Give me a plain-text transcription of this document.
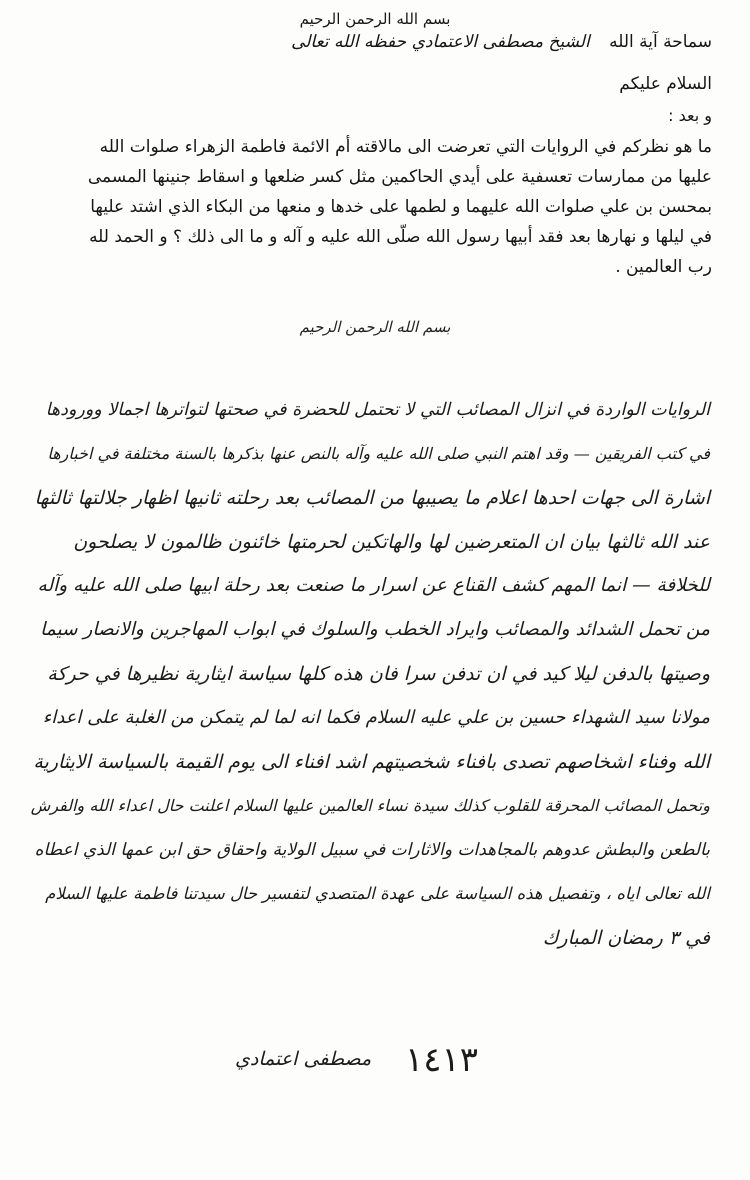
بسم الله الرحمن الرحيم
سماحة آية الله الشيخ مصطفى الاعتمادي حفظه الله تعالى
السلام عليكم
و بعد :
ما هو نظركم في الروايات التي تعرضت الى مالاقته أم الائمة فاطمة الزهراء صلوات الله
عليها من ممارسات تعسفية على أيدي الحاكمين مثل كسر ضلعها و اسقاط جنينها المسمى
بمحسن بن علي صلوات الله عليهما و لطمها على خدها و منعها من البكاء الذي اشتد عليها
في ليلها و نهارها بعد فقد أبيها رسول الله صلّى الله عليه و آله و ما الى ذلك ؟ و الحمد لله
رب العالمين .
بسم الله الرحمن الرحيم
الروايات الواردة في انزال المصائب التي لا تحتمل للحضرة في صحتها لتواترها اجمالا وورودها
في كتب الفريقين — وقد اهتم النبي صلى الله عليه وآله بالنص عنها بذكرها بالسنة مختلفة في اخبارها
اشارة الى جهات احدها اعلام ما يصيبها من المصائب بعد رحلته ثانيها اظهار جلالتها ثالثها
عند الله ثالثها بيان ان المتعرضين لها والهاتكين لحرمتها خائنون ظالمون لا يصلحون
للخلافة — انما المهم كشف القناع عن اسرار ما صنعت بعد رحلة ابيها صلى الله عليه وآله
من تحمل الشدائد والمصائب وايراد الخطب والسلوك في ابواب المهاجرين والانصار سيما
وصيتها بالدفن ليلا كيد في ان تدفن سرا فان هذه كلها سياسة ايثارية نظيرها في حركة
مولانا سيد الشهداء حسين بن علي عليه السلام فكما انه لما لم يتمكن من الغلبة على اعداء
الله وفناء اشخاصهم تصدى بافناء شخصيتهم اشد افناء الى يوم القيمة بالسياسة الايثارية
وتحمل المصائب المحرقة للقلوب كذلك سيدة نساء العالمين عليها السلام اعلنت حال اعداء الله والفرش
بالطعن والبطش عدوهم بالمجاهدات والاثارات في سبيل الولاية واحقاق حق ابن عمها الذي اعطاه
الله تعالى اياه ، وتفصيل هذه السياسة على عهدة المتصدي لتفسير حال سيدتنا فاطمة عليها السلام
في ٣ رمضان المبارك
١٤١٣
مصطفى اعتمادي
